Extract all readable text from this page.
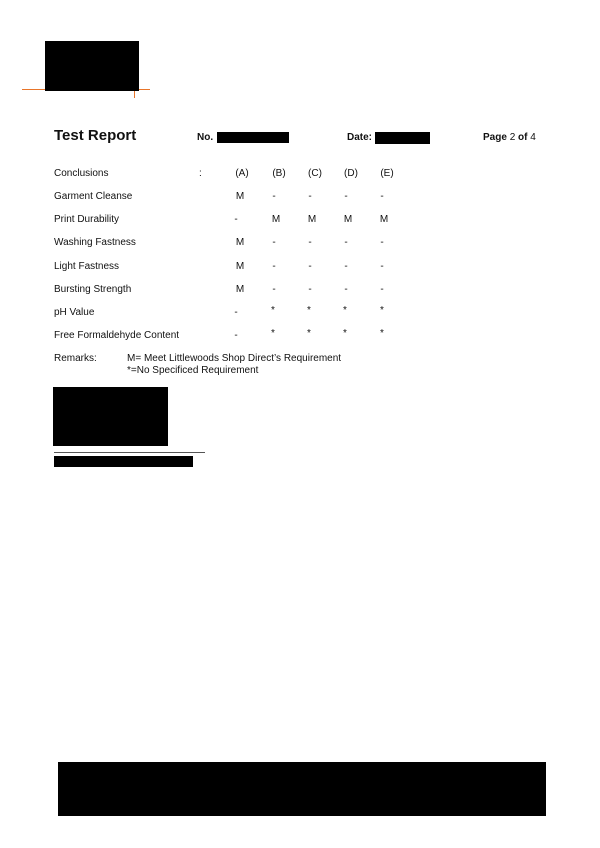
Test Report	No.	Date:	Page 2 of 4
Conclusions	:	(A)	(B)	(C)	(D)	(E)
Garment Cleanse	M	-	-	-	-
Print Durability	-	M	M	M	M
Washing Fastness	M	-	-	-	-
Light Fastness	M	-	-	-	-
Bursting Strength	M	-	-	-	-
pH Value	-	*	*	*	*
Free Formaldehyde Content	-	*	*	*	*
Remarks:	M= Meet Littlewoods Shop Direct’s Requirement
*=No Specificed Requirement
